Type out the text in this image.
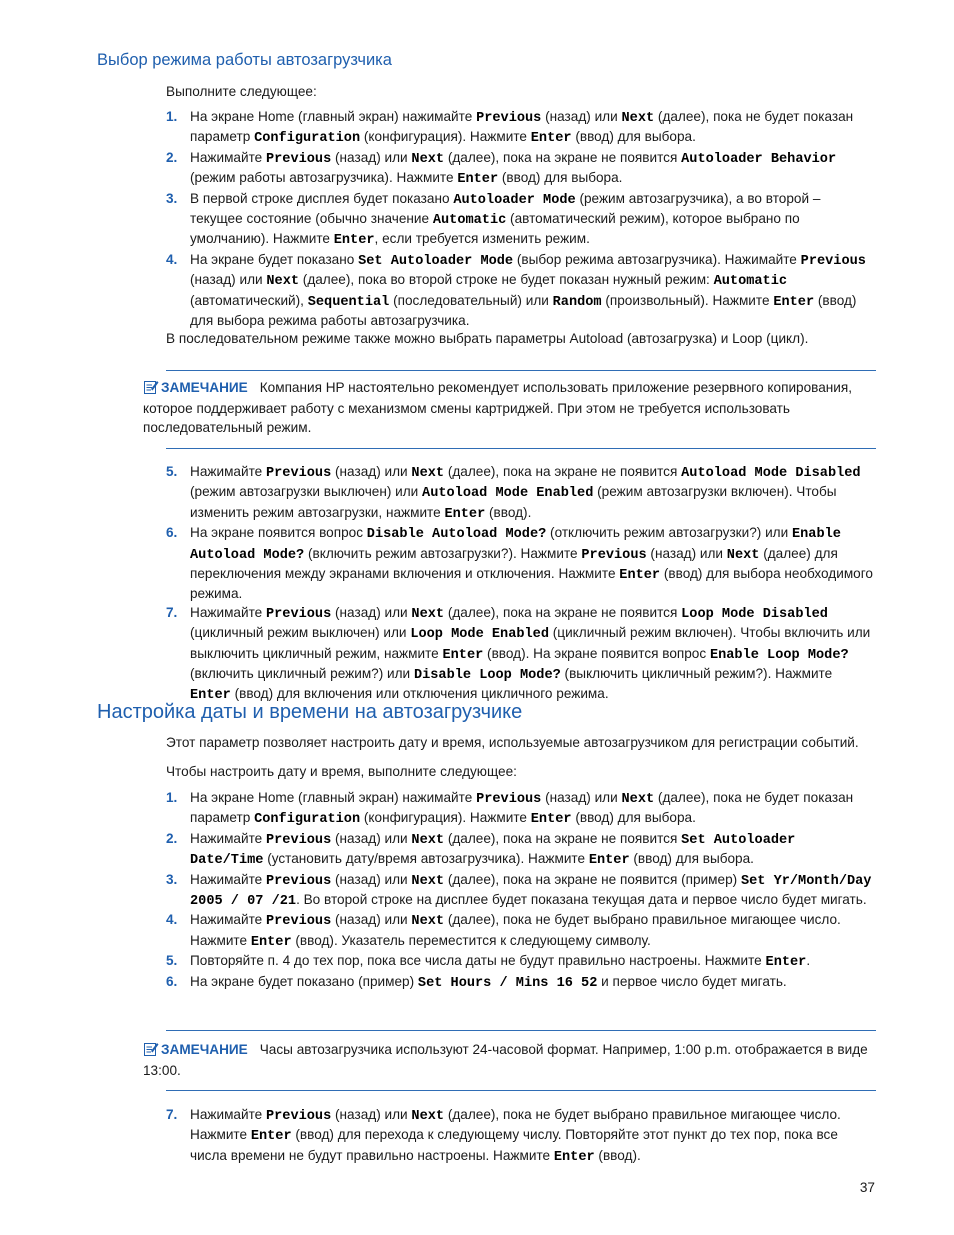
Выбор режима работы автозагрузчика

Выполните следующее:

1. На экране Home (главный экран) нажимайте Previous (назад) или Next (далее), пока не будет показан параметр Configuration (конфигурация). Нажмите Enter (ввод) для выбора.
2. Нажимайте Previous (назад) или Next (далее), пока на экране не появится Autoloader Behavior (режим работы автозагрузчика). Нажмите Enter (ввод) для выбора.
3. В первой строке дисплея будет показано Autoloader Mode (режим автозагрузчика), а во второй – текущее состояние (обычно значение Automatic (автоматический режим), которое выбрано по умолчанию). Нажмите Enter, если требуется изменить режим.
4. На экране будет показано Set Autoloader Mode (выбор режима автозагрузчика). Нажимайте Previous (назад) или Next (далее), пока во второй строке не будет показан нужный режим: Automatic (автоматический), Sequential (последовательный) или Random (произвольный). Нажмите Enter (ввод) для выбора режима работы автозагрузчика.

В последовательном режиме также можно выбрать параметры Autoload (автозагрузка) и Loop (цикл).

ЗАМЕЧАНИЕ Компания HP настоятельно рекомендует использовать приложение резервного копирования, которое поддерживает работу с механизмом смены картриджей. При этом не требуется использовать последовательный режим.
5. Нажимайте Previous (назад) или Next (далее), пока на экране не появится Autoload Mode Disabled (режим автозагрузки выключен) или Autoload Mode Enabled (режим автозагрузки включен). Чтобы изменить режим автозагрузки, нажмите Enter (ввод).
6. На экране появится вопрос Disable Autoload Mode? (отключить режим автозагрузки?) или Enable Autoload Mode? (включить режим автозагрузки?). Нажмите Previous (назад) или Next (далее) для переключения между экранами включения и отключения. Нажмите Enter (ввод) для выбора необходимого режима.
7. Нажимайте Previous (назад) или Next (далее), пока на экране не появится Loop Mode Disabled (цикличный режим выключен) или Loop Mode Enabled (цикличный режим включен). Чтобы включить или выключить цикличный режим, нажмите Enter (ввод). На экране появится вопрос Enable Loop Mode? (включить цикличный режим?) или Disable Loop Mode? (выключить цикличный режим?). Нажмите Enter (ввод) для включения или отключения цикличного режима.
Настройка даты и времени на автозагрузчике

Этот параметр позволяет настроить дату и время, используемые автозагрузчиком для регистрации событий.

Чтобы настроить дату и время, выполните следующее:

1. На экране Home (главный экран) нажимайте Previous (назад) или Next (далее), пока не будет показан параметр Configuration (конфигурация). Нажмите Enter (ввод) для выбора.
2. Нажимайте Previous (назад) или Next (далее), пока на экране не появится Set Autoloader Date/Time (установить дату/время автозагрузчика). Нажмите Enter (ввод) для выбора.
3. Нажимайте Previous (назад) или Next (далее), пока на экране не появится (пример) Set Yr/Month/Day 2005 / 07 /21. Во второй строке на дисплее будет показана текущая дата и первое число будет мигать.
4. Нажимайте Previous (назад) или Next (далее), пока не будет выбрано правильное мигающее число. Нажмите Enter (ввод). Указатель переместится к следующему символу.
5. Повторяйте п. 4 до тех пор, пока все числа даты не будут правильно настроены. Нажмите Enter.
6. На экране будет показано (пример) Set Hours / Mins 16 52 и первое число будет мигать.
ЗАМЕЧАНИЕ Часы автозагрузчика используют 24-часовой формат. Например, 1:00 p.m. отображается в виде 13:00.
7. Нажимайте Previous (назад) или Next (далее), пока не будет выбрано правильное мигающее число. Нажмите Enter (ввод) для перехода к следующему числу. Повторяйте этот пункт до тех пор, пока все числа времени не будут правильно настроены. Нажмите Enter (ввод).
37
